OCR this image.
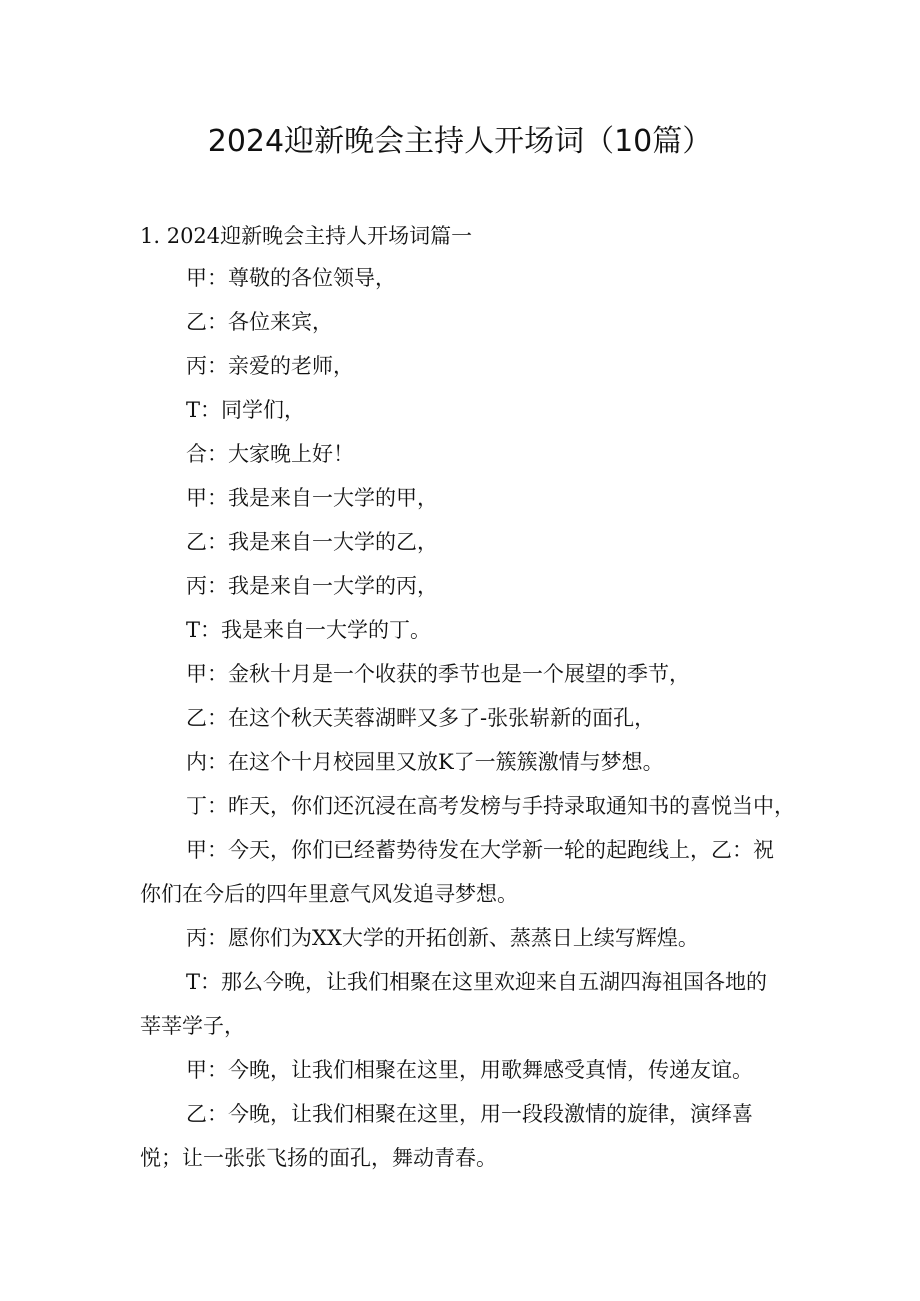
2024迎新晚会主持人开场词（10篇）
1. 2024迎新晚会主持人开场词篇一
甲：尊敬的各位领导，
乙：各位来宾，
丙：亲爱的老师，
T：同学们，
合：大家晚上好！
甲：我是来自一大学的甲，
乙：我是来自一大学的乙，
丙：我是来自一大学的丙，
T：我是来自一大学的丁。
甲：金秋十月是一个收获的季节也是一个展望的季节，
乙：在这个秋天芙蓉湖畔又多了-张张崭新的面孔，
内：在这个十月校园里又放K了一簇簇激情与梦想。
丁：昨天，你们还沉浸在高考发榜与手持录取通知书的喜悦当中，
甲：今天，你们已经蓄势待发在大学新一轮的起跑线上，乙：祝
你们在今后的四年里意气风发追寻梦想。
丙：愿你们为XX大学的开拓创新、蒸蒸日上续写辉煌。
T：那么今晚，让我们相聚在这里欢迎来自五湖四海祖国各地的
莘莘学子，
甲：今晚，让我们相聚在这里，用歌舞感受真情，传递友谊。
乙：今晚，让我们相聚在这里，用一段段激情的旋律，演绎喜
悦；让一张张飞扬的面孔，舞动青春。
